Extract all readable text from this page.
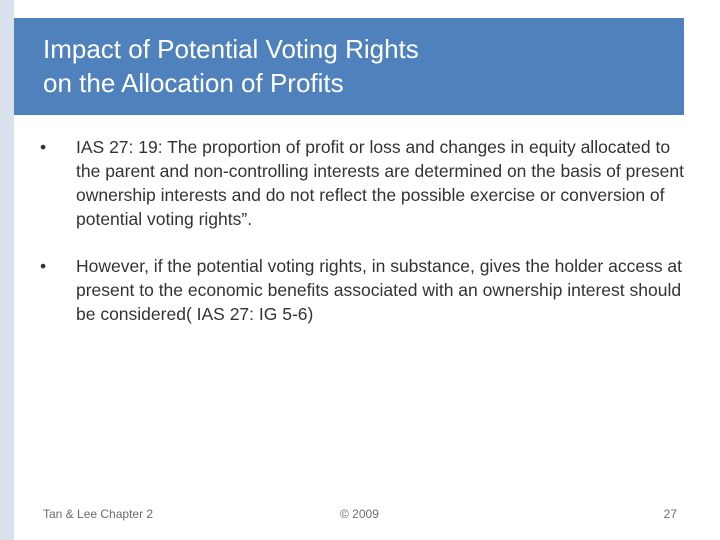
Impact of Potential Voting Rights
on the Allocation of Profits
• IAS 27: 19: The proportion of profit or loss and changes in equity allocated to the parent and non-controlling interests are determined on the basis of present ownership interests and do not reflect the possible exercise or conversion of potential voting rights”.
• However, if the potential voting rights, in substance, gives the holder access at present to the economic benefits associated with an ownership interest should be considered( IAS 27: IG 5-6)
Tan & Lee Chapter 2	© 2009	27
